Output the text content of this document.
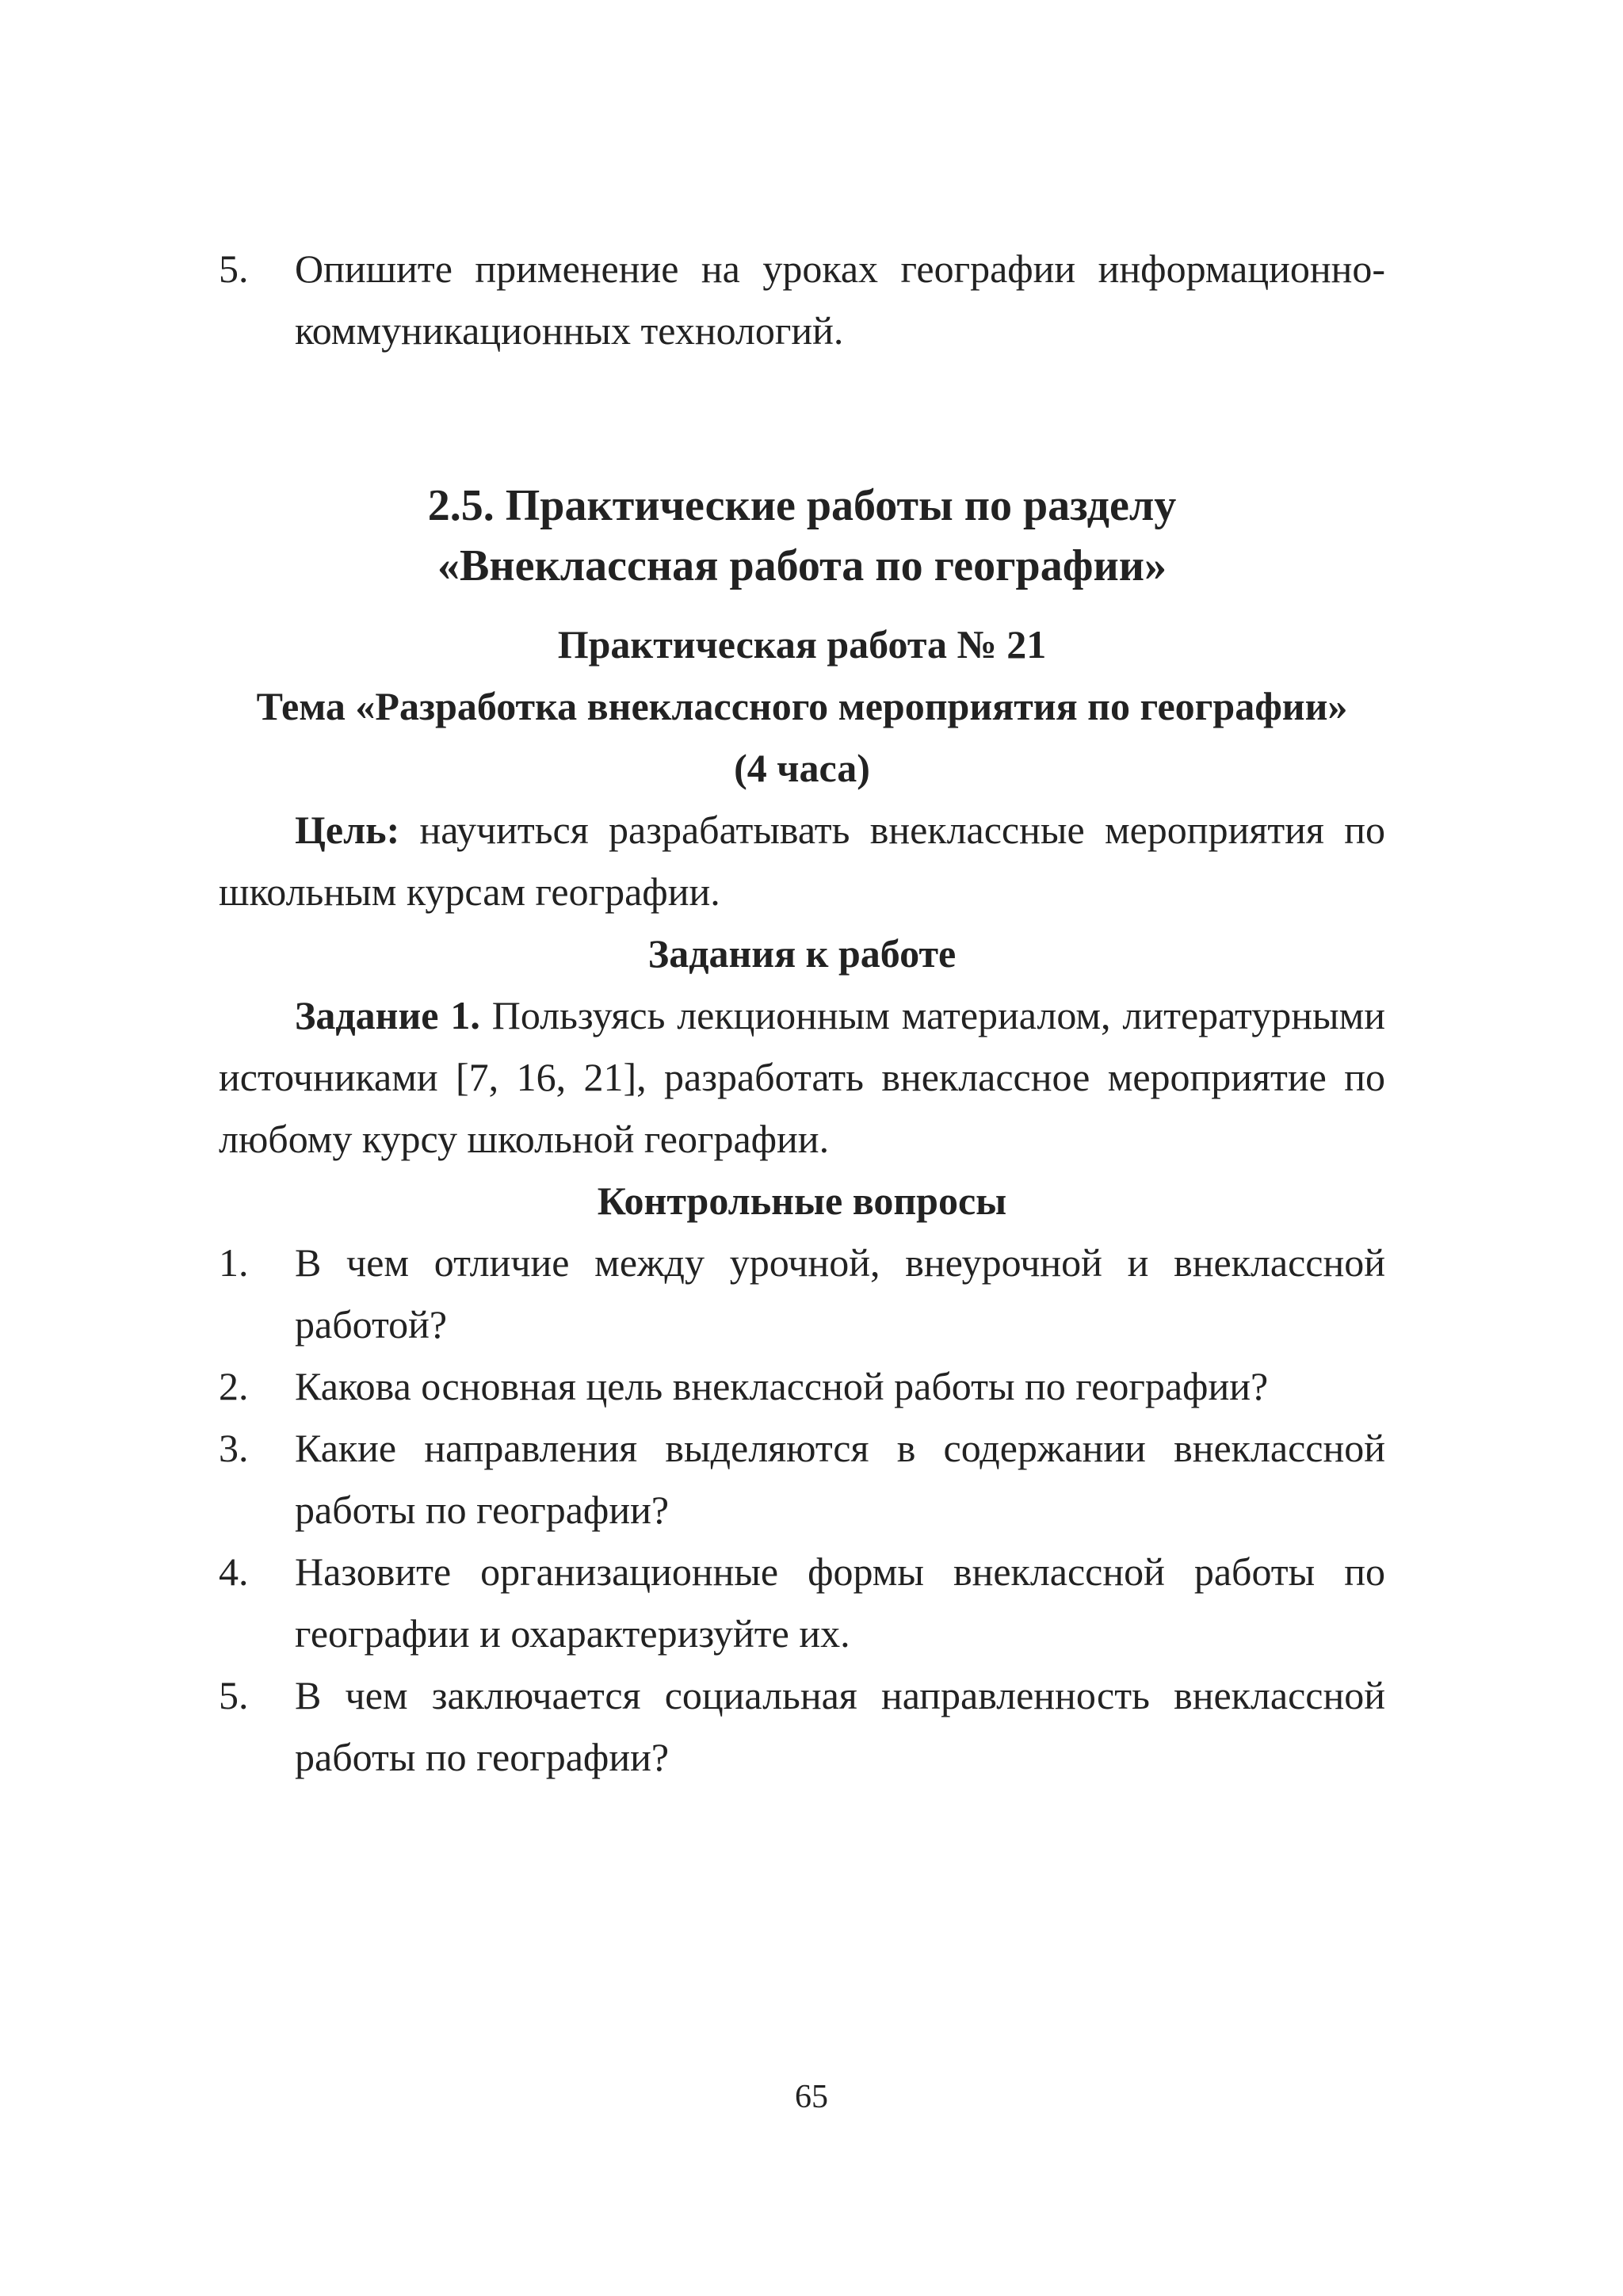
5. Опишите применение на уроках географии информационно-коммуникационных технологий.
2.5. Практические работы по разделу
«Внеклассная работа по географии»
Практическая работа № 21
Тема «Разработка внеклассного мероприятия по географии»
(4 часа)
Цель: научиться разрабатывать внеклассные мероприятия по школьным курсам географии.
Задания к работе
Задание 1. Пользуясь лекционным материалом, литературными источниками [7, 16, 21], разработать внеклассное мероприятие по любому курсу школьной географии.
Контрольные вопросы
1. В чем отличие между урочной, внеурочной и внеклассной работой?
2. Какова основная цель внеклассной работы по географии?
3. Какие направления выделяются в содержании внеклассной работы по географии?
4. Назовите организационные формы внеклассной работы по географии и охарактеризуйте их.
5. В чем заключается социальная направленность внеклассной работы по географии?
65
